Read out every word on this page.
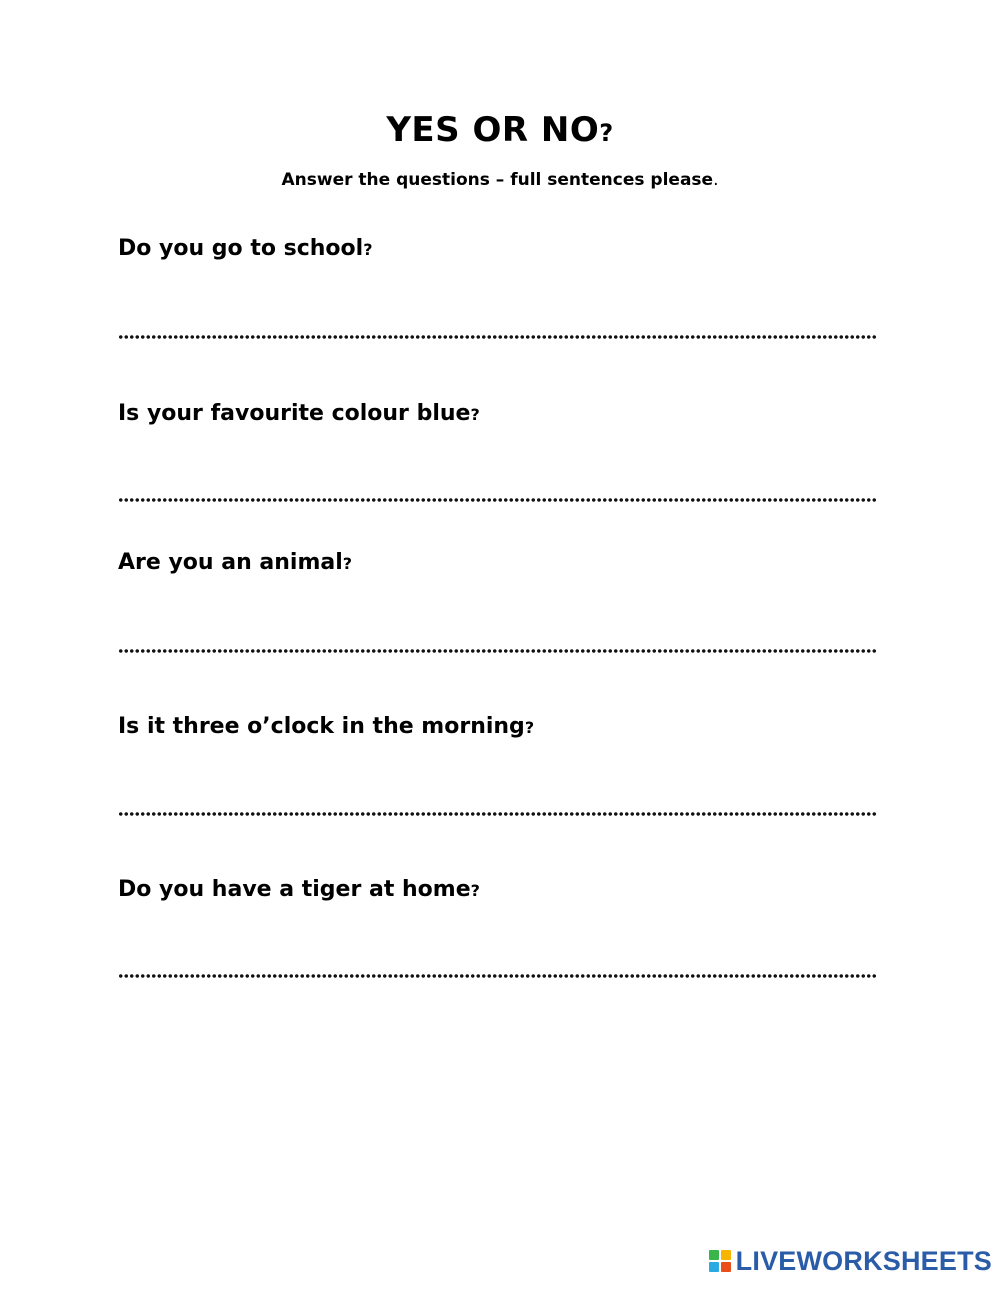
YES OR NO?
Answer the questions – full sentences please.
Do you go to school?
Is your favourite colour blue?
Are you an animal?
Is it three o’clock in the morning?
Do you have a tiger at home?
LIVEWORKSHEETS
